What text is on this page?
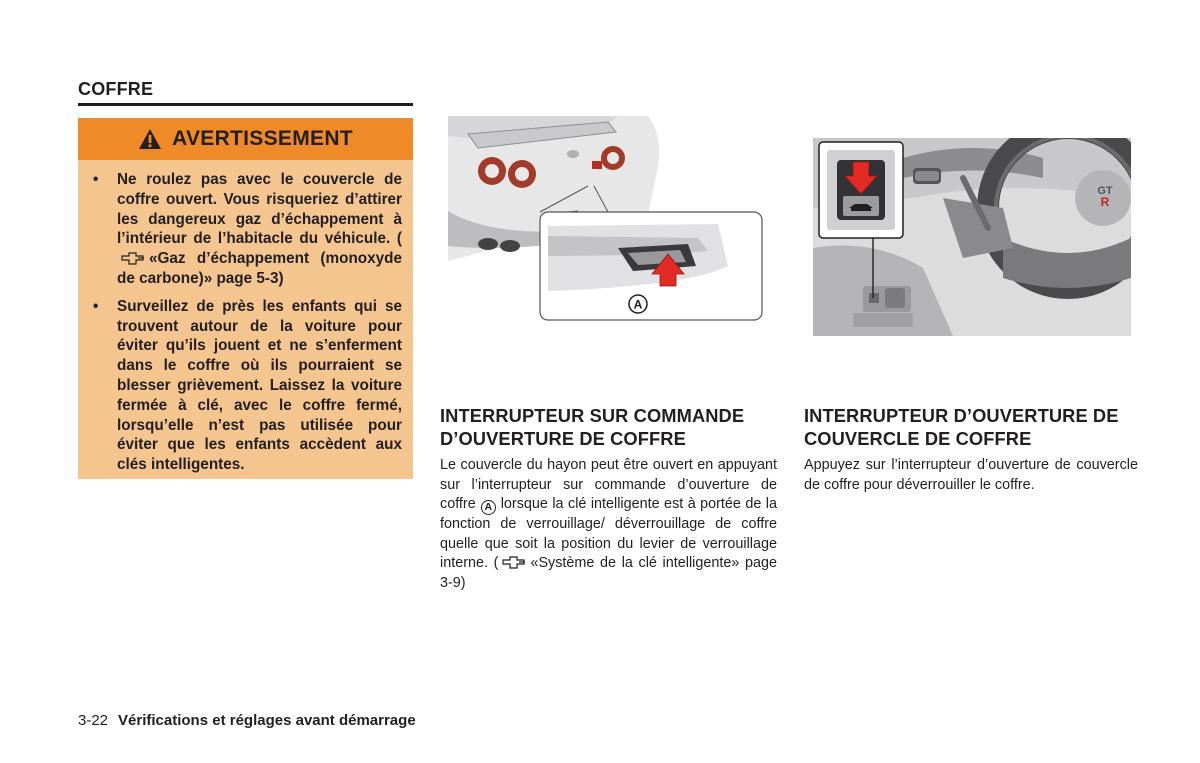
COFFRE
AVERTISSEMENT
• Ne roulez pas avec le couvercle de coffre ouvert. Vous risqueriez d’attirer les dangereux gaz d’échappement à l’intérieur de l’habitacle du véhicule. («Gaz d’échappement (monoxyde de carbone)» page 5-3)
• Surveillez de près les enfants qui se trouvent autour de la voiture pour éviter qu’ils jouent et ne s’enferment dans le coffre où ils pourraient se blesser grièvement. Laissez la voiture fermée à clé, avec le coffre fermé, lorsqu’elle n’est pas utilisée pour éviter que les enfants accèdent aux clés intelligentes.
A
GT
R
INTERRUPTEUR SUR COMMANDE D’OUVERTURE DE COFFRE
Le couvercle du hayon peut être ouvert en appuyant sur l’interrupteur sur commande d’ouverture de coffre A lorsque la clé intelligente est à portée de la fonction de verrouillage/ déverrouillage de coffre quelle que soit la position du levier de verrouillage interne. ( «Système de la clé intelligente» page 3-9)
INTERRUPTEUR D’OUVERTURE DE COUVERCLE DE COFFRE
Appuyez sur l’interrupteur d’ouverture de couvercle de coffre pour déverrouiller le coffre.
3-22 Vérifications et réglages avant démarrage
